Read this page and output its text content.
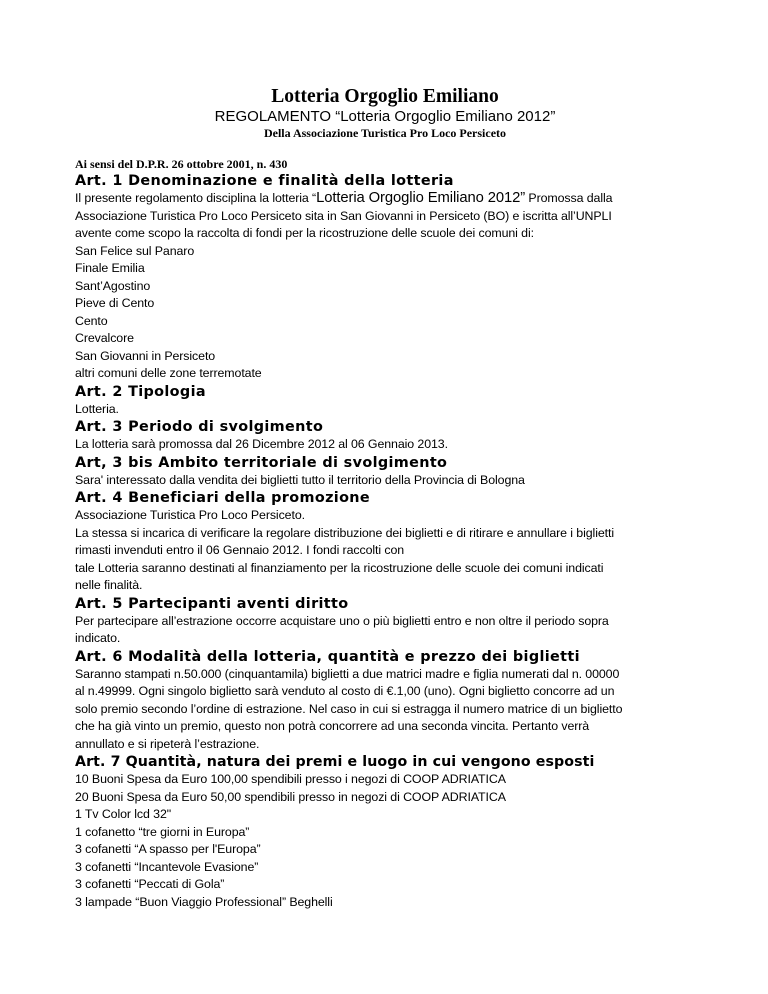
Lotteria Orgoglio Emiliano
REGOLAMENTO “Lotteria Orgoglio Emiliano 2012”
Della Associazione Turistica Pro Loco Persiceto
Ai sensi del D.P.R. 26 ottobre 2001, n. 430
Art. 1 Denominazione e finalità della lotteria
Il presente regolamento disciplina la lotteria “Lotteria Orgoglio Emiliano 2012” Promossa dalla
Associazione Turistica Pro Loco Persiceto sita in San Giovanni in Persiceto (BO) e iscritta all’UNPLI
avente come scopo la raccolta di fondi per la ricostruzione delle scuole dei comuni di:
San Felice sul Panaro
Finale Emilia
Sant’Agostino
Pieve di Cento
Cento
Crevalcore
San Giovanni in Persiceto
altri comuni delle zone terremotate
Art. 2 Tipologia
Lotteria.
Art. 3 Periodo di svolgimento
La lotteria sarà promossa dal 26 Dicembre 2012 al 06 Gennaio 2013.
Art, 3 bis Ambito territoriale di svolgimento
Sara' interessato dalla vendita dei biglietti tutto il territorio della Provincia di Bologna
Art. 4 Beneficiari della promozione
Associazione Turistica Pro Loco Persiceto.
La stessa si incarica di verificare la regolare distribuzione dei biglietti e di ritirare e annullare i biglietti
rimasti invenduti entro il 06 Gennaio 2012. I fondi raccolti con
tale Lotteria saranno destinati al finanziamento per la ricostruzione delle scuole dei comuni indicati
nelle finalità.
Art. 5 Partecipanti aventi diritto
Per partecipare all’estrazione occorre acquistare uno o più biglietti entro e non oltre il periodo sopra
indicato.
Art. 6 Modalità della lotteria, quantità e prezzo dei biglietti
Saranno stampati n.50.000 (cinquantamila) biglietti a due matrici madre e figlia numerati dal n. 00000
al n.49999. Ogni singolo biglietto sarà venduto al costo di €.1,00 (uno). Ogni biglietto concorre ad un
solo premio secondo l’ordine di estrazione. Nel caso in cui si estragga il numero matrice di un biglietto
che ha già vinto un premio, questo non potrà concorrere ad una seconda vincita. Pertanto verrà
annullato e si ripeterà l’estrazione.
Art. 7 Quantità, natura dei premi e luogo in cui vengono esposti
10 Buoni Spesa da Euro 100,00 spendibili presso i negozi di COOP ADRIATICA
20 Buoni Spesa da Euro 50,00 spendibili presso in negozi di COOP ADRIATICA
1 Tv Color lcd 32"
1 cofanetto “tre giorni in Europa”
3 cofanetti “A spasso per l'Europa”
3 cofanetti “Incantevole Evasione”
3 cofanetti “Peccati di Gola”
3 lampade “Buon Viaggio Professional” Beghelli
